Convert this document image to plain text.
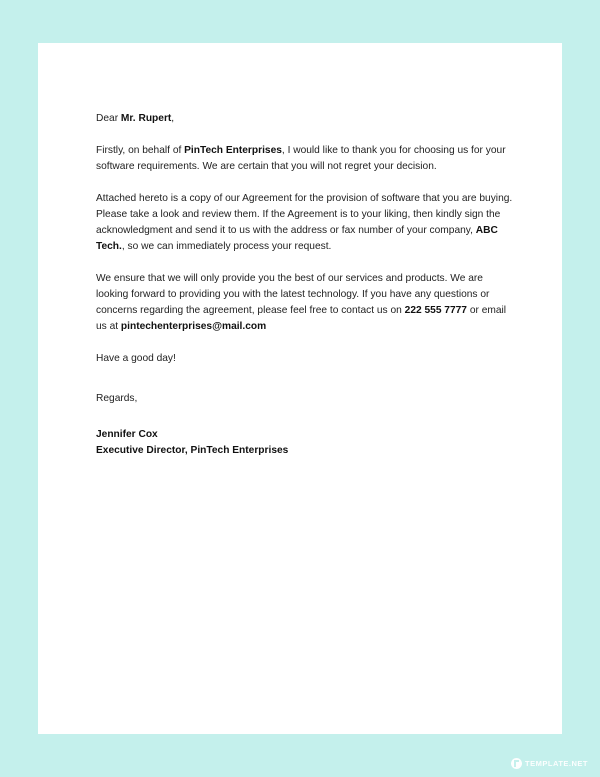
Dear Mr. Rupert,

Firstly, on behalf of PinTech Enterprises, I would like to thank you for choosing us for your software requirements. We are certain that you will not regret your decision.

Attached hereto is a copy of our Agreement for the provision of software that you are buying. Please take a look and review them. If the Agreement is to your liking, then kindly sign the acknowledgment and send it to us with the address or fax number of your company, ABC Tech., so we can immediately process your request.

We ensure that we will only provide you the best of our services and products. We are looking forward to providing you with the latest technology. If you have any questions or concerns regarding the agreement, please feel free to contact us on 222 555 7777 or email us at pintechenterprises@mail.com

Have a good day!

Regards,

Jennifer Cox
Executive Director, PinTech Enterprises
TEMPLATE.NET
